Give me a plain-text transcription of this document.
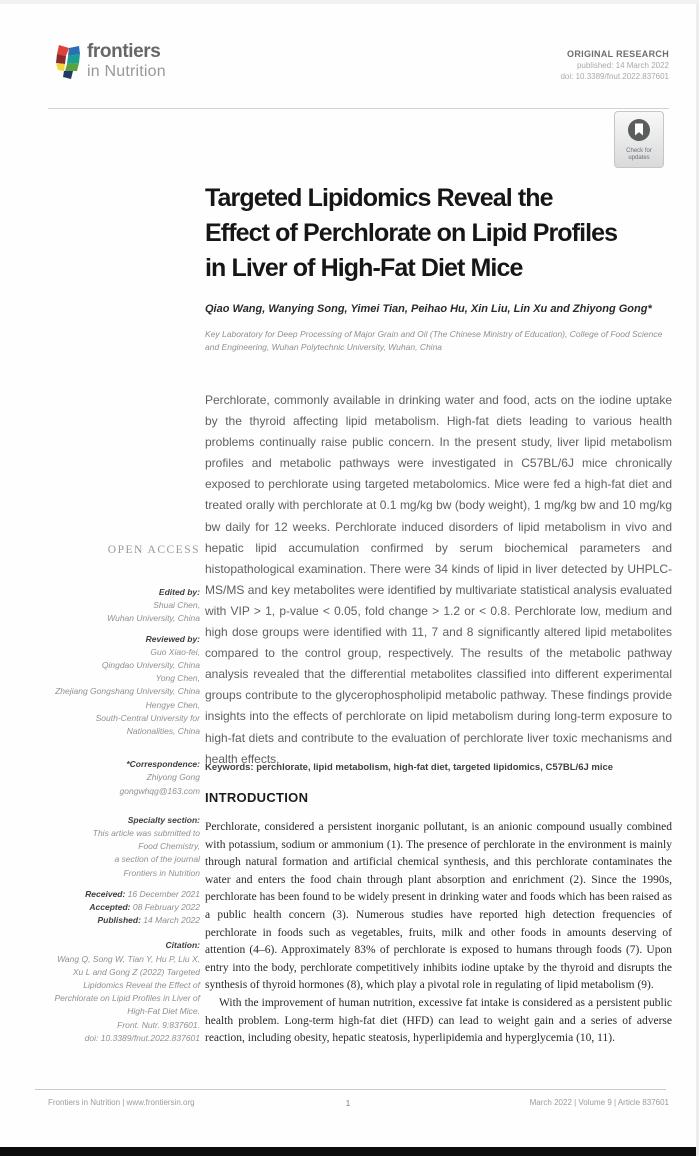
frontiers
in Nutrition
ORIGINAL RESEARCH
published: 14 March 2022
doi: 10.3389/fnut.2022.837601
Check for
updates
Targeted Lipidomics Reveal the
Effect of Perchlorate on Lipid Profiles
in Liver of High-Fat Diet Mice
Qiao Wang, Wanying Song, Yimei Tian, Peihao Hu, Xin Liu, Lin Xu and Zhiyong Gong*
Key Laboratory for Deep Processing of Major Grain and Oil (The Chinese Ministry of Education), College of Food Science and Engineering, Wuhan Polytechnic University, Wuhan, China
Perchlorate, commonly available in drinking water and food, acts on the iodine uptake by the thyroid affecting lipid metabolism. High-fat diets leading to various health problems continually raise public concern. In the present study, liver lipid metabolism profiles and metabolic pathways were investigated in C57BL/6J mice chronically exposed to perchlorate using targeted metabolomics. Mice were fed a high-fat diet and treated orally with perchlorate at 0.1 mg/kg bw (body weight), 1 mg/kg bw and 10 mg/kg bw daily for 12 weeks. Perchlorate induced disorders of lipid metabolism in vivo and hepatic lipid accumulation confirmed by serum biochemical parameters and histopathological examination. There were 34 kinds of lipid in liver detected by UHPLC-MS/MS and key metabolites were identified by multivariate statistical analysis evaluated with VIP > 1, p-value < 0.05, fold change > 1.2 or < 0.8. Perchlorate low, medium and high dose groups were identified with 11, 7 and 8 significantly altered lipid metabolites compared to the control group, respectively. The results of the metabolic pathway analysis revealed that the differential metabolites classified into different experimental groups contribute to the glycerophospholipid metabolic pathway. These findings provide insights into the effects of perchlorate on lipid metabolism during long-term exposure to high-fat diets and contribute to the evaluation of perchlorate liver toxic mechanisms and health effects.
Keywords: perchlorate, lipid metabolism, high-fat diet, targeted lipidomics, C57BL/6J mice
INTRODUCTION

Perchlorate, considered a persistent inorganic pollutant, is an anionic compound usually combined with potassium, sodium or ammonium (1). The presence of perchlorate in the environment is mainly through natural formation and artificial chemical synthesis, and this perchlorate contaminates the water and enters the food chain through plant absorption and enrichment (2). Since the 1990s, perchlorate has been found to be widely present in drinking water and foods which has been raised as a public health concern (3). Numerous studies have reported high detection frequencies of perchlorate in foods such as vegetables, fruits, milk and other foods in amounts deserving of attention (4–6). Approximately 83% of perchlorate is exposed to humans through foods (7). Upon entry into the body, perchlorate competitively inhibits iodine uptake by the thyroid and disrupts the synthesis of thyroid hormones (8), which play a pivotal role in regulating of lipid metabolism (9).

With the improvement of human nutrition, excessive fat intake is considered as a persistent public health problem. Long-term high-fat diet (HFD) can lead to weight gain and a series of adverse reaction, including obesity, hepatic steatosis, hyperlipidemia and hyperglycemia (10, 11).

OPEN ACCESS
Edited by:
Shuai Chen,
Wuhan University, China
Reviewed by:
Guo Xiao-fei,
Qingdao University, China
Yong Chen,
Zhejiang Gongshang University, China
Hengye Chen,
South-Central University for
Nationalities, China
*Correspondence:
Zhiyong Gong
gongwhqg@163.com
Specialty section:
This article was submitted to
Food Chemistry,
a section of the journal
Frontiers in Nutrition
Received: 16 December 2021
Accepted: 08 February 2022
Published: 14 March 2022
Citation:
Wang Q, Song W, Tian Y, Hu P, Liu X,
Xu L and Gong Z (2022) Targeted
Lipidomics Reveal the Effect of
Perchlorate on Lipid Profiles in Liver of
High-Fat Diet Mice.
Front. Nutr. 9:837601.
doi: 10.3389/fnut.2022.837601
Frontiers in Nutrition | www.frontiersin.org	1	March 2022 | Volume 9 | Article 837601
